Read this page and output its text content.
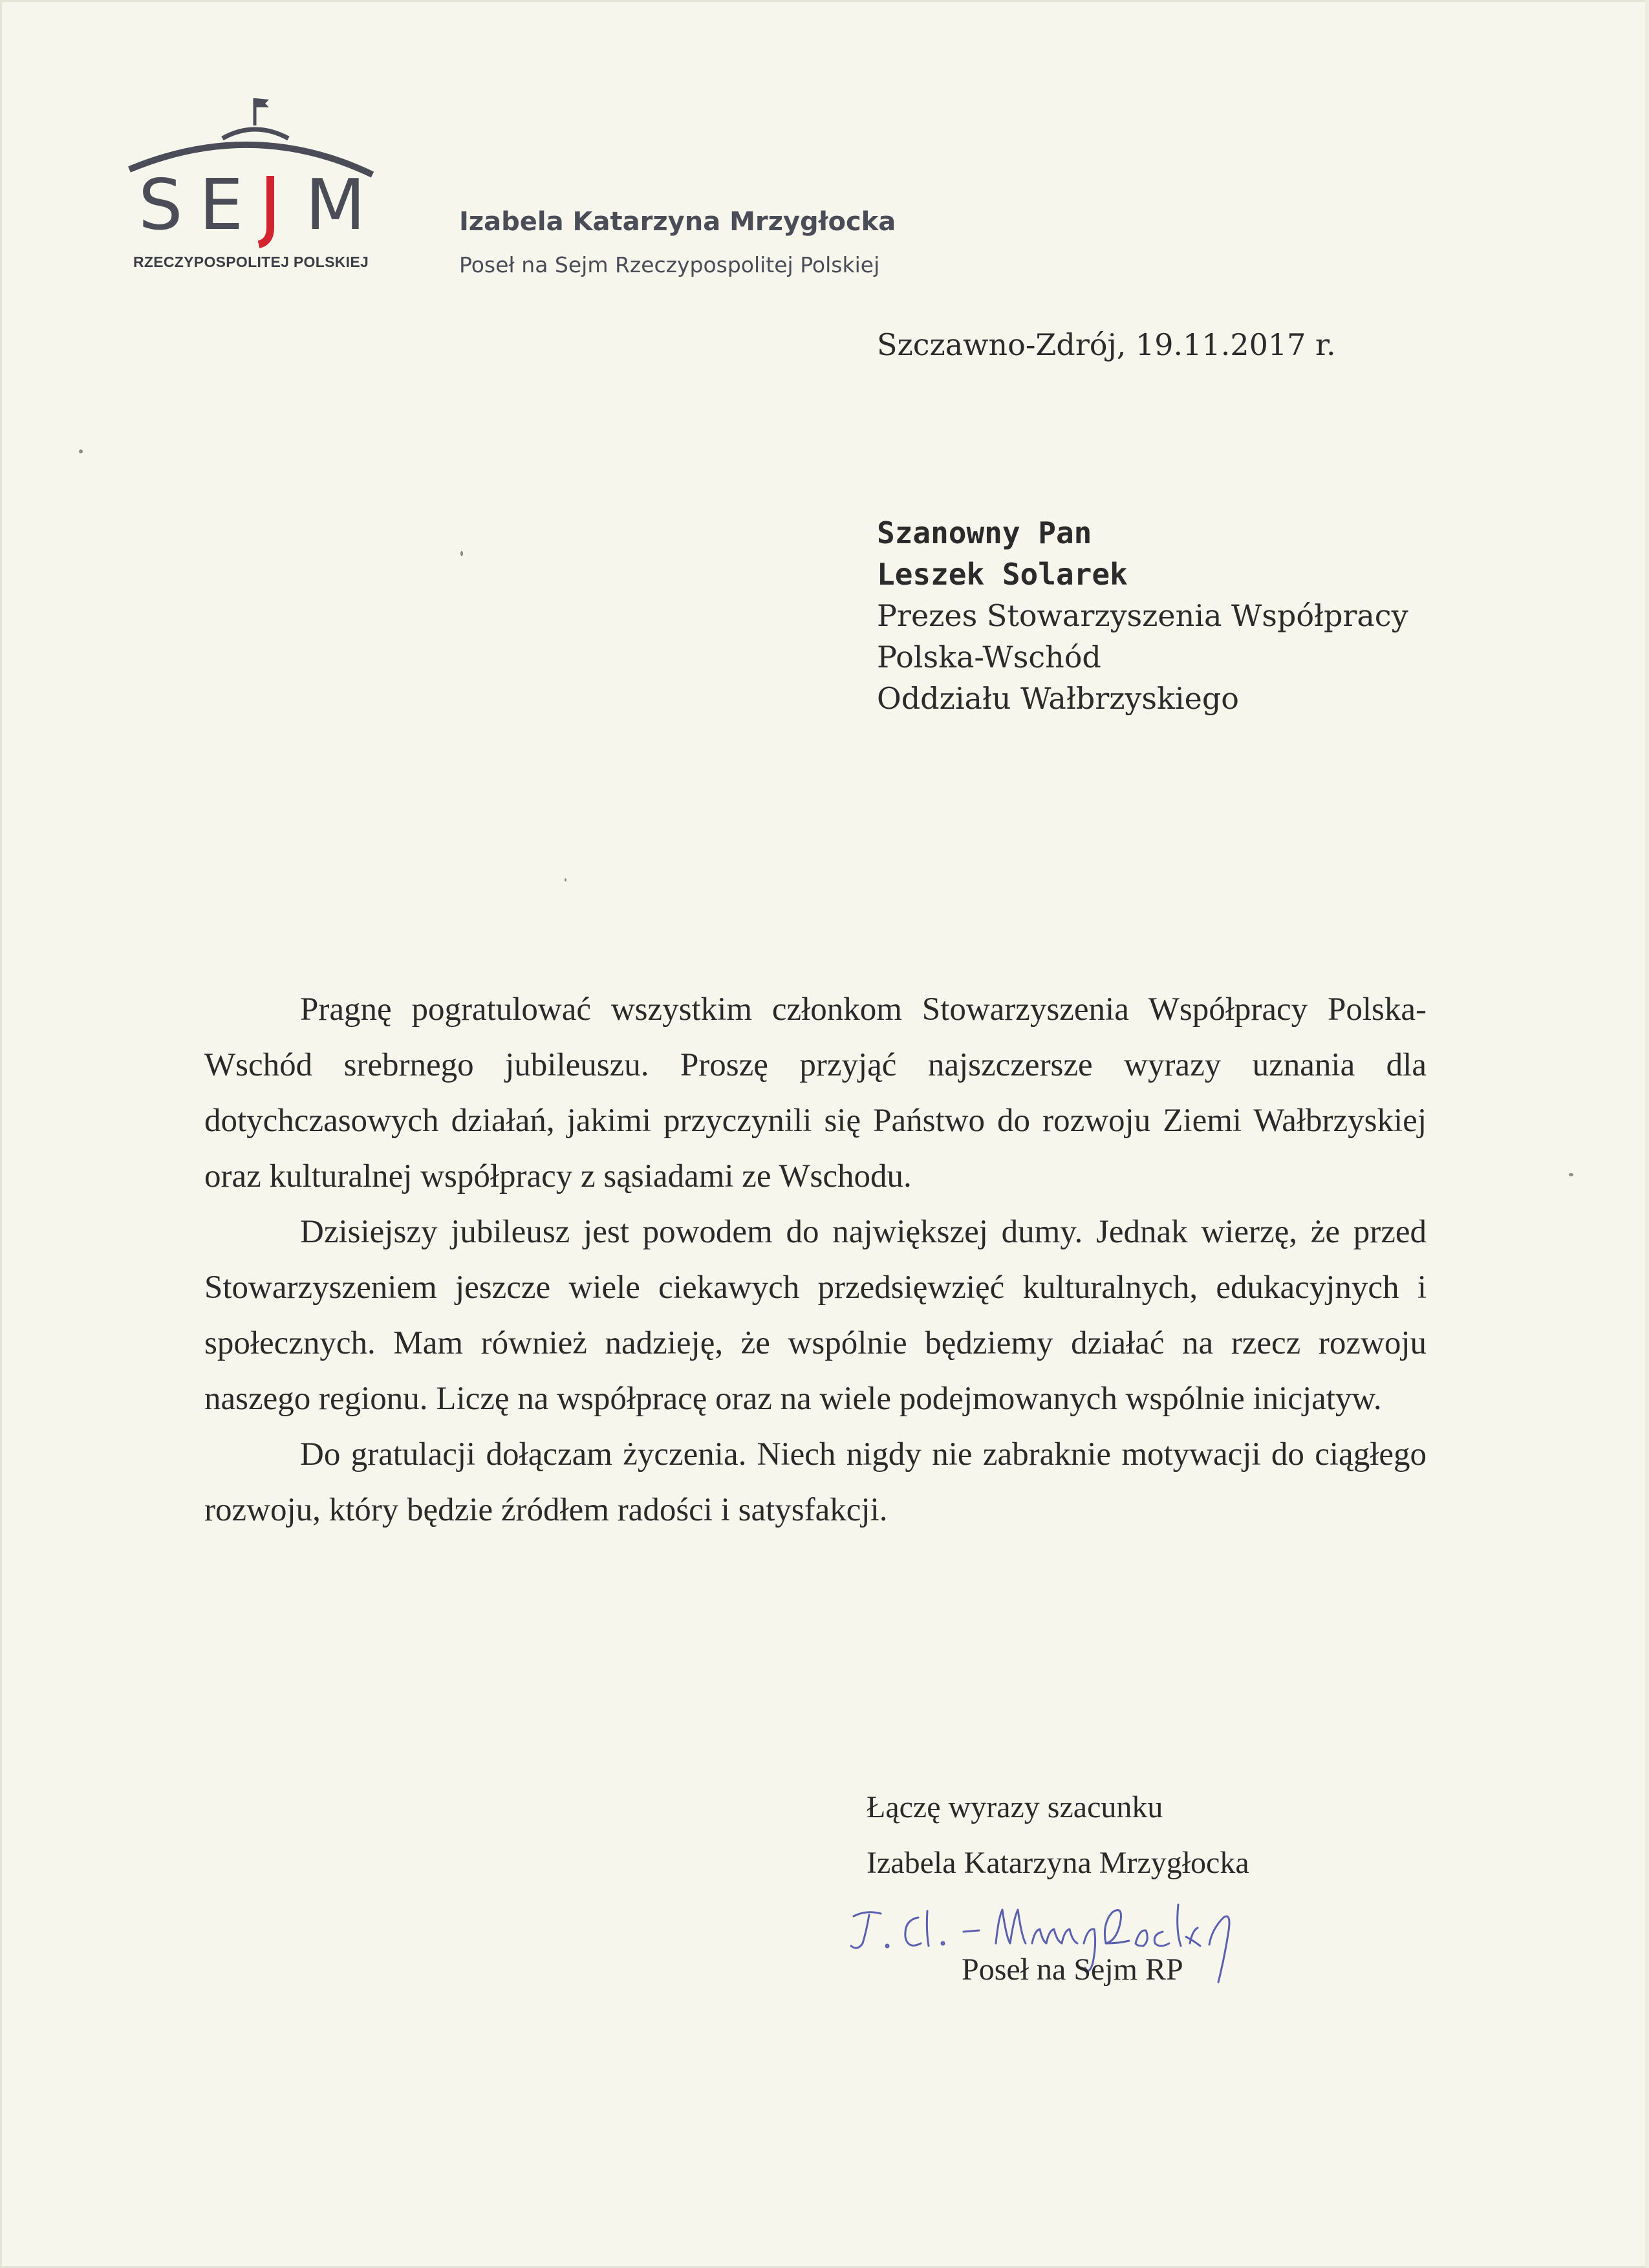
S E M
RZECZYPOSPOLITEJ POLSKIEJ
Izabela Katarzyna Mrzygłocka
Poseł na Sejm Rzeczypospolitej Polskiej
Szczawno-Zdrój, 19.11.2017 r.
Szanowny Pan
Leszek Solarek
Prezes Stowarzyszenia Współpracy
Polska-Wschód
Oddziału Wałbrzyskiego

Pragnę pogratulować wszystkim członkom Stowarzyszenia Współpracy Polska-Wschód srebrnego jubileuszu. Proszę przyjąć najszczersze wyrazy uznania dla dotychczasowych działań, jakimi przyczynili się Państwo do rozwoju Ziemi Wałbrzyskiej oraz kulturalnej współpracy z sąsiadami ze Wschodu.

Dzisiejszy jubileusz jest powodem do największej dumy. Jednak wierzę, że przed Stowarzyszeniem jeszcze wiele ciekawych przedsięwzięć kulturalnych, edukacyjnych i społecznych. Mam również nadzieję, że wspólnie będziemy działać na rzecz rozwoju naszego regionu. Liczę na współpracę oraz na wiele podejmowanych wspólnie inicjatyw.

Do gratulacji dołączam życzenia. Niech nigdy nie zabraknie motywacji do ciągłego rozwoju, który będzie źródłem radości i satysfakcji.

Łączę wyrazy szacunku
Izabela Katarzyna Mrzygłocka
Poseł na Sejm RP
